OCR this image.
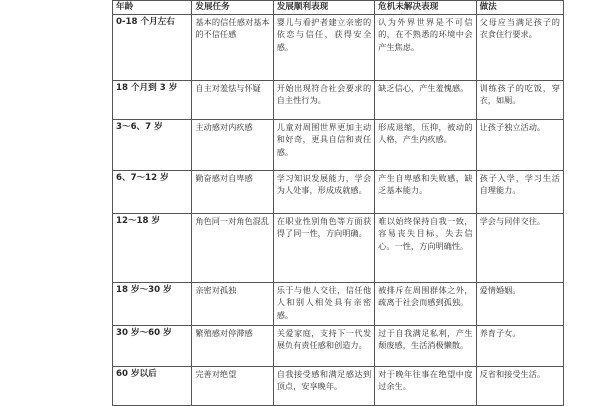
年龄	发展任务	发展顺利表现	危机未解决表现	做法
0-18 个月左右	基本的信任感对基本的不信任感	婴儿与看护者建立亲密的依恋与信任，获得安全感。	认为外界世界是不可信的，在不熟悉的环境中会产生焦虑。	父母应当满足孩子的衣食住行要求。
18 个月到 3 岁	自主对羞怯与怀疑	开始出现符合社会要求的自主性行为。	缺乏信心，产生羞愧感。	训练孩子的吃饭，穿衣，如厕。
3～6、7 岁	主动感对内疚感	儿童对周围世界更加主动和好奇，更具自信和责任感。	形成退缩，压抑，被动的人格，产生内疚感。	让孩子独立活动。
6、7～12 岁	勤奋感对自卑感	学习知识发展能力，学会为人处事，形成成就感。	产生自卑感和失败感，缺乏基本能力。	孩子入学，学习生活自理能力。
12～18 岁	角色同一对角色混乱	在职业性别角色等方面获得了同一性，方向明确。	难以始终保持自我一致，容易丧失目标，失去信心。一性，方向明确性。	学会与同伴交往。
18 岁～30 岁	亲密对孤独	乐于与他人交往，信任他人和别人相处具有亲密感。	被排斥在周围群体之外，疏离于社会而感到孤独。	爱情婚姻。
30 岁～60 岁	繁殖感对停滞感	关爱家庭，支持下一代发展负有责任感和创造力。	过于自我满足私利，产生颓废感，生活消极懒散。	养育子女。
60 岁以后	完善对绝望	自我接受感和满足感达到顶点，安享晚年。	对于晚年往事在绝望中度过余生。	反省和接受生活。
